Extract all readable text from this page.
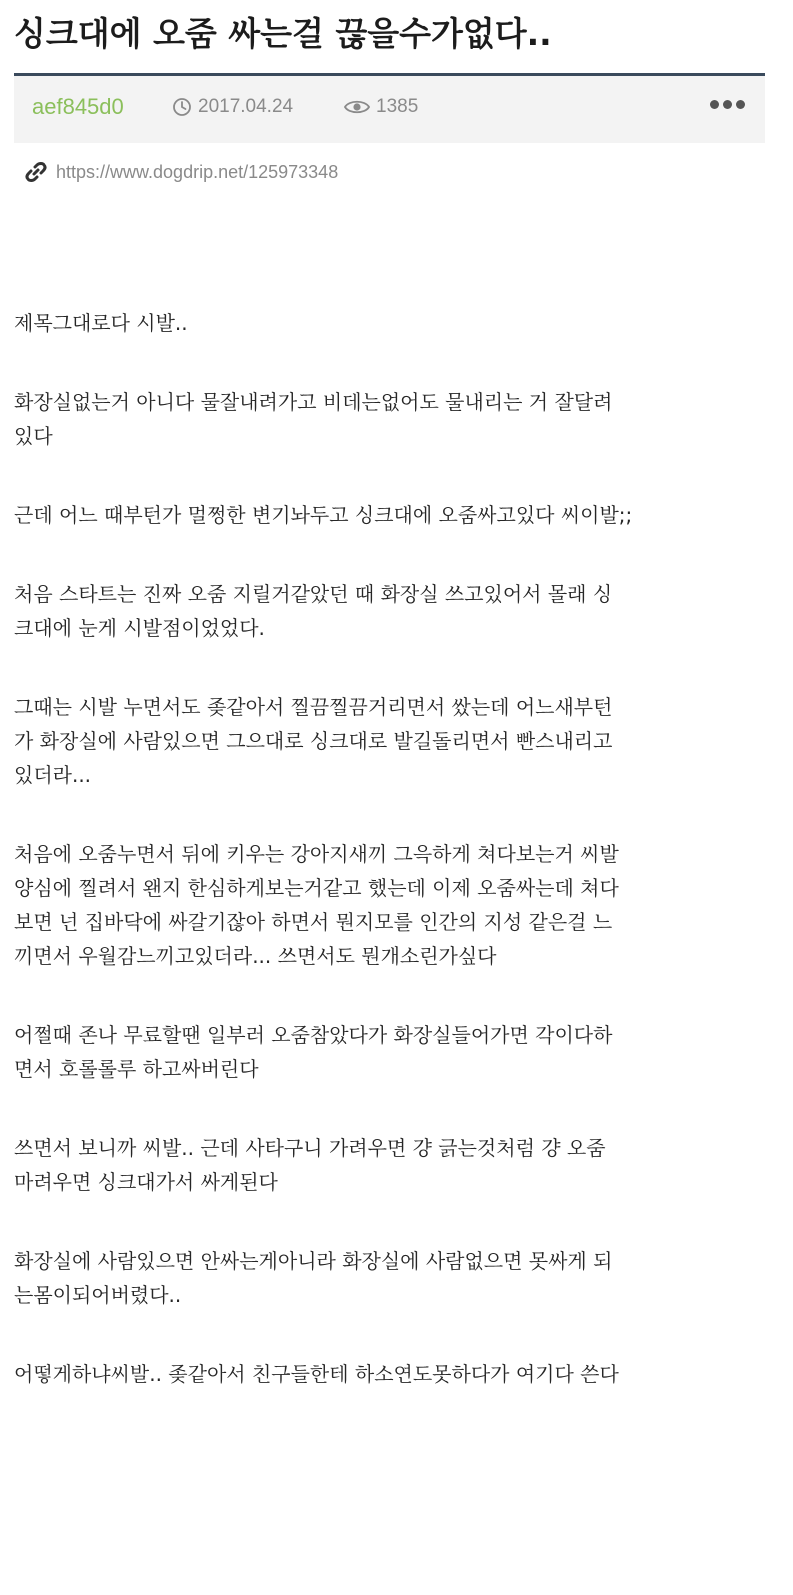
싱크대에 오줌 싸는걸 끊을수가없다..
aef845d0	2017.04.24	1385
https://www.dogdrip.net/125973348

제목그대로다 시발..

화장실없는거 아니다 물잘내려가고 비데는없어도 물내리는 거 잘달려
있다

근데 어느 때부턴가 멀쩡한 변기놔두고 싱크대에 오줌싸고있다 씨이발;;

처음 스타트는 진짜 오줌 지릴거같았던 때 화장실 쓰고있어서 몰래 싱
크대에 눈게 시발점이었었다.

그때는 시발 누면서도 좆같아서 찔끔찔끔거리면서 쌌는데 어느새부턴
가 화장실에 사람있으면 그으대로 싱크대로 발길돌리면서 빤스내리고
있더라...

처음에 오줌누면서 뒤에 키우는 강아지새끼 그윽하게 쳐다보는거 씨발
양심에 찔려서 왠지 한심하게보는거같고 했는데 이제 오줌싸는데 쳐다
보면 넌 집바닥에 싸갈기잖아 하면서 뭔지모를 인간의 지성 같은걸 느
끼면서 우월감느끼고있더라... 쓰면서도 뭔개소린가싶다

어쩔때 존나 무료할땐 일부러 오줌참았다가 화장실들어가면 각이다하
면서 호롤롤루 하고싸버린다

쓰면서 보니까 씨발.. 근데 사타구니 가려우면 걍 긁는것처럼 걍 오줌
마려우면 싱크대가서 싸게된다

화장실에 사람있으면 안싸는게아니라 화장실에 사람없으면 못싸게 되
는몸이되어버렸다..

어떻게하냐씨발.. 좆같아서 친구들한테 하소연도못하다가 여기다 쓴다
